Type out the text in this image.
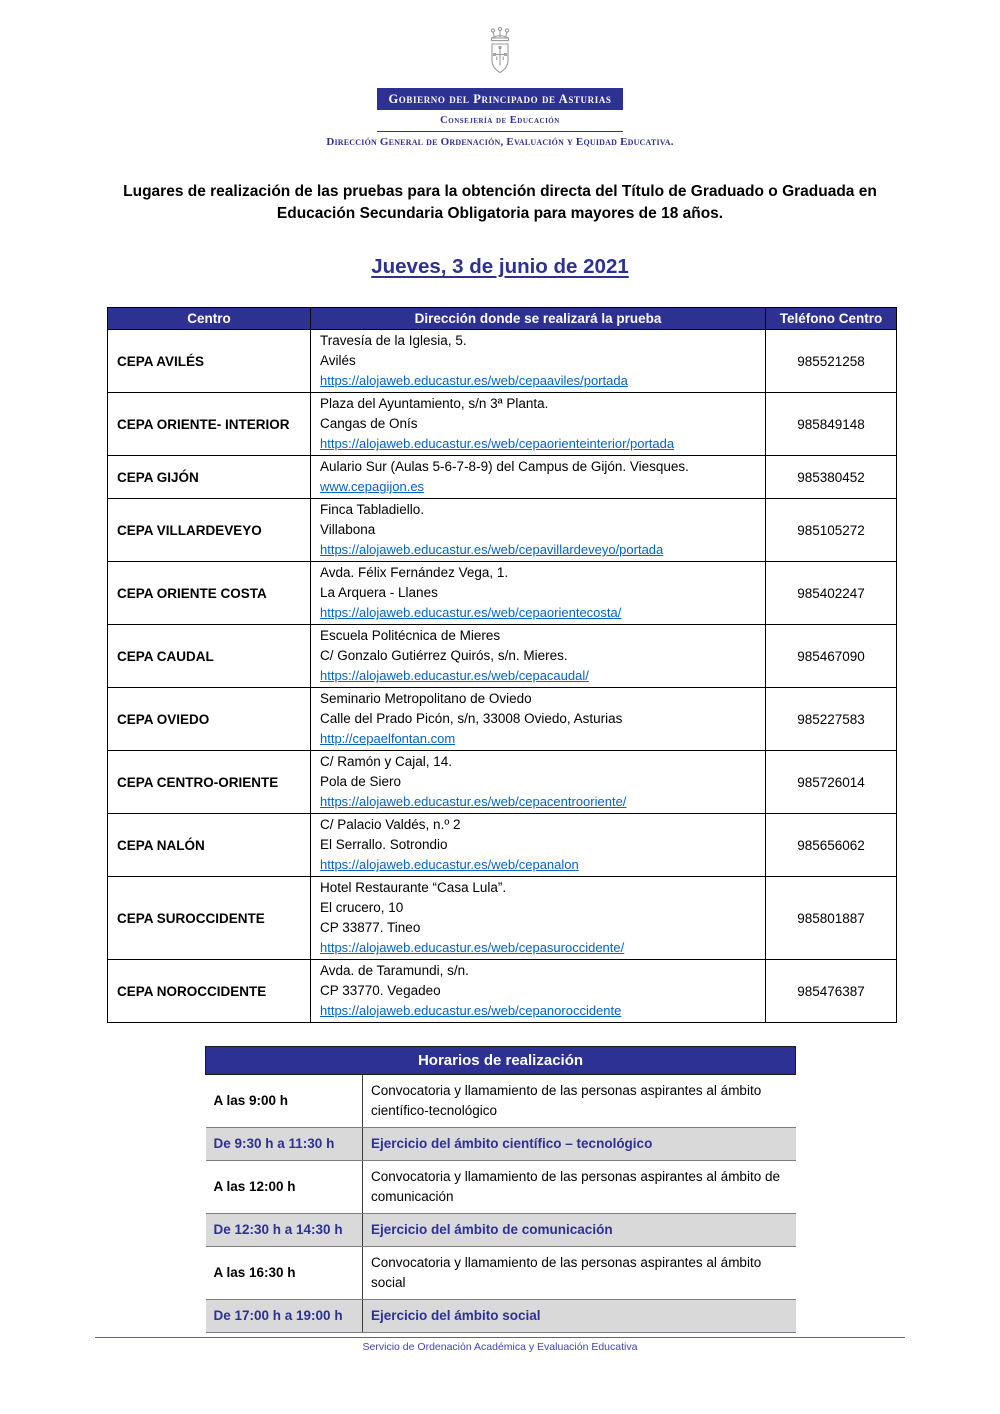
Gobierno del Principado de Asturias
Consejería de Educación
Dirección General de Ordenación, Evaluación y Equidad Educativa.
Lugares de realización de las pruebas para la obtención directa del Título de Graduado o Graduada en Educación Secundaria Obligatoria para mayores de 18 años.
Jueves, 3 de junio de 2021
Centro	Dirección donde se realizará la prueba	Teléfono Centro
CEPA AVILÉS	Travesía de la Iglesia, 5.
Avilés
https://alojaweb.educastur.es/web/cepaaviles/portada	985521258
CEPA ORIENTE- INTERIOR	Plaza del Ayuntamiento, s/n 3ª Planta.
Cangas de Onís
https://alojaweb.educastur.es/web/cepaorienteinterior/portada	985849148
CEPA GIJÓN	Aulario Sur (Aulas 5-6-7-8-9) del Campus de Gijón. Viesques.
www.cepagijon.es	985380452
CEPA VILLARDEVEYO	Finca Tabladiello.
Villabona
https://alojaweb.educastur.es/web/cepavillardeveyo/portada	985105272
CEPA ORIENTE COSTA	Avda. Félix Fernández Vega, 1.
La Arquera - Llanes
https://alojaweb.educastur.es/web/cepaorientecosta/	985402247
CEPA CAUDAL	Escuela Politécnica de Mieres
C/ Gonzalo Gutiérrez Quirós, s/n. Mieres.
https://alojaweb.educastur.es/web/cepacaudal/	985467090
CEPA OVIEDO	Seminario Metropolitano de Oviedo
Calle del Prado Picón, s/n, 33008 Oviedo, Asturias
http://cepaelfontan.com	985227583
CEPA CENTRO-ORIENTE	C/ Ramón y Cajal, 14.
Pola de Siero
https://alojaweb.educastur.es/web/cepacentrooriente/	985726014
CEPA NALÓN	C/ Palacio Valdés, n.º 2
El Serrallo. Sotrondio
https://alojaweb.educastur.es/web/cepanalon	985656062
CEPA SUROCCIDENTE	Hotel Restaurante “Casa Lula”.
El crucero, 10
CP 33877. Tineo
https://alojaweb.educastur.es/web/cepasuroccidente/	985801887
CEPA NOROCCIDENTE	Avda. de Taramundi, s/n.
CP 33770. Vegadeo
https://alojaweb.educastur.es/web/cepanoroccidente	985476387
Horarios de realización	
A las 9:00 h	Convocatoria y llamamiento de las personas aspirantes al ámbito científico-tecnológico
De 9:30 h a 11:30 h	Ejercicio del ámbito científico – tecnológico
A las 12:00 h	Convocatoria y llamamiento de las personas aspirantes al ámbito de comunicación
De 12:30 h a 14:30 h	Ejercicio del ámbito de comunicación
A las 16:30 h	Convocatoria y llamamiento de las personas aspirantes al ámbito social
De 17:00 h a 19:00 h	Ejercicio del ámbito social
Servicio de Ordenación Académica y Evaluación Educativa
